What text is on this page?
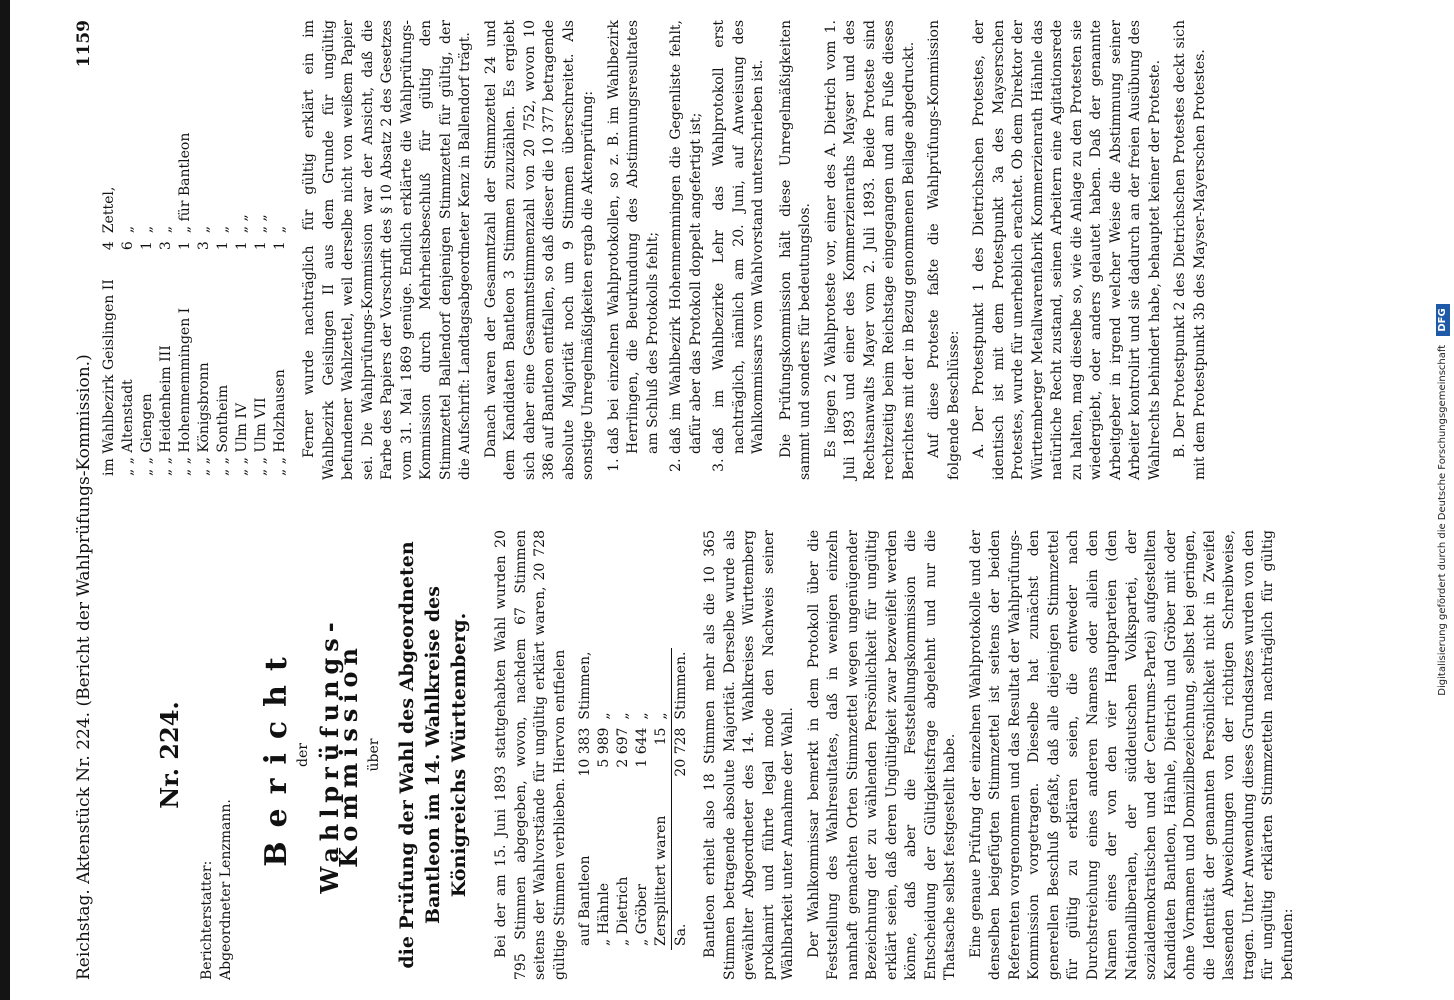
Reichstag. Aktenstück Nr. 224. (Bericht der Wahlprüfungs-Kommission.)
1159
Nr. 224.
Berichterstatter: Abgeordneter Lenzmann.
Bericht der Wahlprüfungs-Kommission über die Prüfung der Wahl des Abgeordneten Bantleon im 14. Wahlkreise des Königreichs Württemberg. Bei der am 15. Juni 1893 stattgehabten Wahl wurden 20 795 Stimmen abgegeben, wovon, nachdem 67 Stimmen seitens der Wahlvorstände für ungültig erklärt waren, 20 728 gültige Stimmen verblieben. Hiervon entfielen auf Bantleon	10 383	Stimmen,
„ Hähnle	5 989	„
„ Dietrich	2 697	„
„ Gröber	1 644	„
Zersplittert waren	15	„
Sa.	20 728	Stimmen. Bantleon erhielt also 18 Stimmen mehr als die 10 365 Stimmen betragende absolute Majorität. Derselbe wurde als gewählter Abgeordneter des 14. Wahlkreises Württemberg proklamirt und führte legal mode den Nachweis seiner Wählbarkeit unter Annahme der Wahl. Der Wahlkommissar bemerkt in dem Protokoll über die Feststellung des Wahlresultates, daß in wenigen einzeln namhaft gemachten Orten Stimmzettel wegen ungenügender Bezeichnung der zu wählenden Persönlichkeit für ungültig erklärt seien, daß deren Ungültigkeit zwar bezweifelt werden könne, daß aber die Feststellungskommission die Entscheidung der Gültigkeitsfrage abgelehnt und nur die Thatsache selbst festgestellt habe. Eine genaue Prüfung der einzelnen Wahlprotokolle und der denselben beigefügten Stimmzettel ist seitens der beiden Referenten vorgenommen und das Resultat der Wahlprüfungs-Kommission vorgetragen. Dieselbe hat zunächst den generellen Beschluß gefaßt, daß alle diejenigen Stimmzettel für gültig zu erklären seien, die entweder nach Durchstreichung eines anderen Namens oder allein den Namen eines der von den vier Hauptparteien (den Nationalliberalen, der süddeutschen Volkspartei, der sozialdemokratischen und der Centrums-Partei) aufgestellten Kandidaten Bantleon, Hähnle, Dietrich und Gröber mit oder ohne Vornamen und Domizilbezeichnung, selbst bei geringen, die Identität der genannten Persönlichkeit nicht in Zweifel lassenden Abweichungen von der richtigen Schreibweise, tragen. Unter Anwendung dieses Grundsatzes wurden von den für ungültig erklärten Stimmzetteln nachträglich für gültig befunden:

im Wahlbezirk Geislingen II	4	Zettel,
„ „ Altenstadt	6	„
„ „ Giengen	1	„
„ „ Heidenheim III	3	„
„ „ Hohenmemmingen I	1	„ für Bantleon
„ „ Königsbronn	3	„
„ „ Sontheim	1	„
„ „ Ulm IV	1	„ „
„ „ Ulm VII	1	„ „
„ „ Holzhausen	1	„ Ferner wurde nachträglich für gültig erklärt ein im Wahlbezirk Geislingen II aus dem Grunde für ungültig befundener Wahlzettel, weil derselbe nicht von weißem Papier sei. Die Wahlprüfungs-Kommission war der Ansicht, daß die Farbe des Papiers der Vorschrift des § 10 Absatz 2 des Gesetzes vom 31. Mai 1869 genüge. Endlich erklärte die Wahlprüfungs-Kommission durch Mehrheitsbeschluß für gültig den Stimmzettel Ballendorf denjenigen Stimmzettel für gültig, der die Aufschrift: Landtagsabgeordneter Kenz in Ballendorf trägt. Danach waren der Gesammtzahl der Stimmzettel 24 und dem Kandidaten Bantleon 3 Stimmen zuzuzählen. Es ergiebt sich daher eine Gesammtstimmenzahl von 20 752, wovon 10 386 auf Bantleon entfallen, so daß dieser die 10 377 betragende absolute Majorität noch um 9 Stimmen überschreitet. Als sonstige Unregelmäßigkeiten ergab die Aktenprüfung: 1. daß bei einzelnen Wahlprotokollen, so z. B. im Wahlbezirk Herrlingen, die Beurkundung des Abstimmungsresultates am Schluß des Protokolls fehlt; 2. daß im Wahlbezirk Hohenmemmingen die Gegenliste fehlt, dafür aber das Protokoll doppelt angefertigt ist; 3. daß im Wahlbezirke Lehr das Wahlprotokoll erst nachträglich, nämlich am 20. Juni, auf Anweisung des Wahlkommissars vom Wahlvorstand unterschrieben ist. Die Prüfungskommission hält diese Unregelmäßigkeiten sammt und sonders für bedeutungslos. Es liegen 2 Wahlproteste vor, einer des A. Dietrich vom 1. Juli 1893 und einer des Kommerzienraths Mayser und des Rechtsanwalts Mayer vom 2. Juli 1893. Beide Proteste sind rechtzeitig beim Reichstage eingegangen und am Fuße dieses Berichtes mit der in Bezug genommenen Beilage abgedruckt. Auf diese Proteste faßte die Wahlprüfungs-Kommission folgende Beschlüsse: A. Der Protestpunkt 1 des Dietrichschen Protestes, der identisch ist mit dem Protestpunkt 3a des Mayserschen Protestes, wurde für unerheblich erachtet. Ob dem Direktor der Württemberger Metallwarenfabrik Kommerzienrath Hähnle das natürliche Recht zustand, seinen Arbeitern eine Agitationsrede zu halten, mag dieselbe so, wie die Anlage zu den Protesten sie wiedergiebt, oder anders gelautet haben. Daß der genannte Arbeitgeber in irgend welcher Weise die Abstimmung seiner Arbeiter kontrolirt und sie dadurch an der freien Ausübung des Wahlrechts behindert habe, behauptet keiner der Proteste. B. Der Protestpunkt 2 des Dietrichschen Protestes deckt sich mit dem Protestpunkt 3b des Mayser-Mayerschen Protestes.

Digitalisierung gefördert durch die Deutsche Forschungsgemeinschaft DFG
